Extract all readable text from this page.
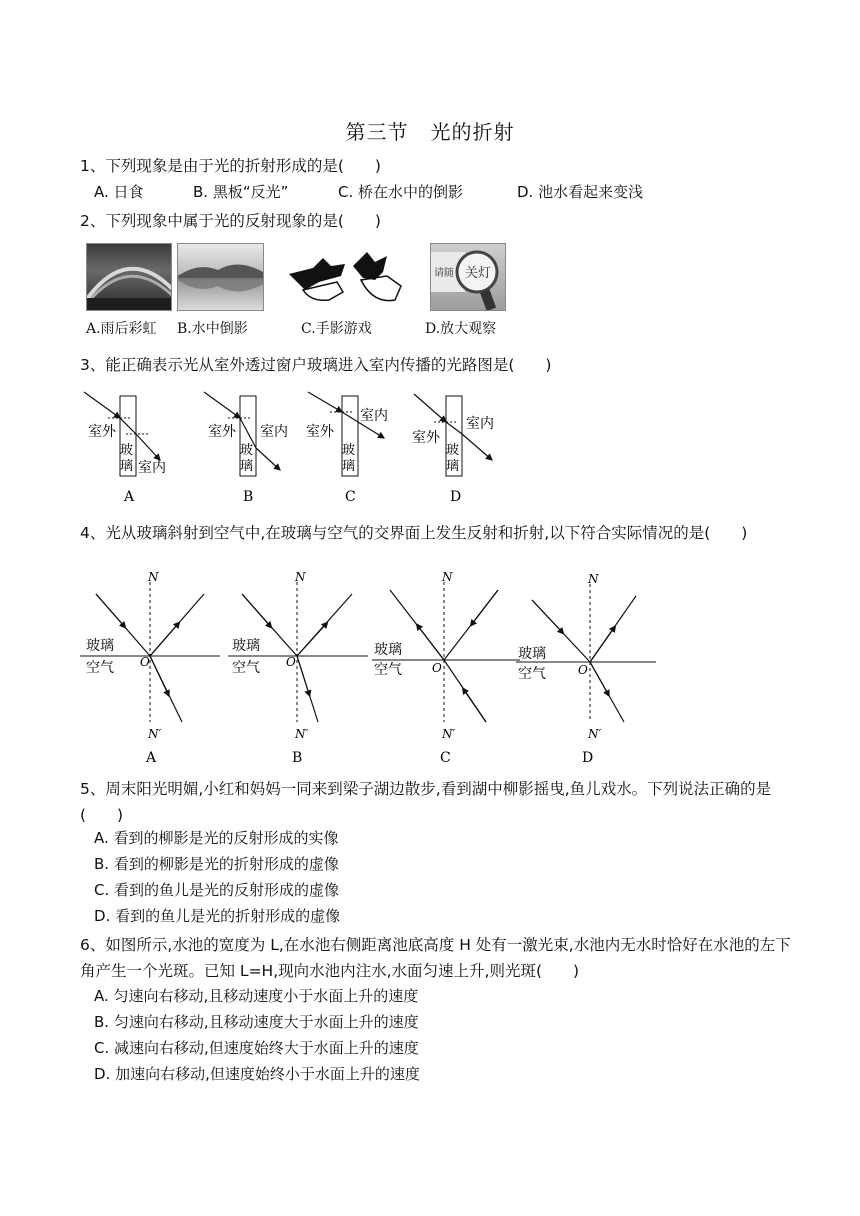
第三节 光的折射
1、下列现象是由于光的折射形成的是(　　)
A. 日食	B. 黑板“反光”	C. 桥在水中的倒影	D. 池水看起来变浅
2、下列现象中属于光的反射现象的是(　　)
请随 关灯
A.雨后彩虹 B.水中倒影	C.手影游戏	D.放大观察
3、能正确表示光从室外透过窗户玻璃进入室内传播的光路图是(　　)
室外
玻
璃 室内
A
室外 室内
玻
璃
B
室外
室内
玻
璃
C
室外
室内
玻
璃
D
4、光从玻璃斜射到空气中,在玻璃与空气的交界面上发生反射和折射,以下符合实际情况的是(　　)
N
N′
O
玻璃
空气
A
N
N′
O
玻璃
空气
B
N
N′
O
玻璃
空气
C
N
N′
O
玻璃
空气
D
5、周末阳光明媚,小红和妈妈一同来到梁子湖边散步,看到湖中柳影摇曳,鱼儿戏水。下列说法正确的是(　　)
A. 看到的柳影是光的反射形成的实像
B. 看到的柳影是光的折射形成的虚像
C. 看到的鱼儿是光的反射形成的虚像
D. 看到的鱼儿是光的折射形成的虚像
6、如图所示,水池的宽度为 L,在水池右侧距离池底高度 H 处有一激光束,水池内无水时恰好在水池的左下角产生一个光斑。已知 L=H,现向水池内注水,水面匀速上升,则光斑(　　)
A. 匀速向右移动,且移动速度小于水面上升的速度
B. 匀速向右移动,且移动速度大于水面上升的速度
C. 减速向右移动,但速度始终大于水面上升的速度
D. 加速向右移动,但速度始终小于水面上升的速度
